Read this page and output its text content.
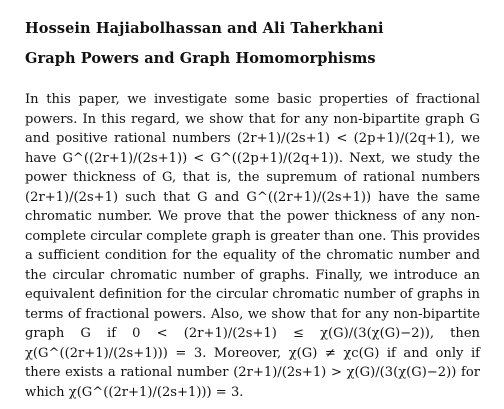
Hossein Hajiabolhassan and Ali Taherkhani
Graph Powers and Graph Homomorphisms
In this paper, we investigate some basic properties of fractional powers. In this regard, we show that for any non-bipartite graph G and positive rational numbers (2r+1)/(2s+1) < (2p+1)/(2q+1), we have G^((2r+1)/(2s+1)) < G^((2p+1)/(2q+1)). Next, we study the power thickness of G, that is, the supremum of rational numbers (2r+1)/(2s+1) such that G and G^((2r+1)/(2s+1)) have the same chromatic number. We prove that the power thickness of any non-complete circular complete graph is greater than one. This provides a sufficient condition for the equality of the chromatic number and the circular chromatic number of graphs. Finally, we introduce an equivalent definition for the circular chromatic number of graphs in terms of fractional powers. Also, we show that for any non-bipartite graph G if 0 < (2r+1)/(2s+1) ≤ χ(G)/(3(χ(G)−2)), then χ(G^((2r+1)/(2s+1))) = 3. Moreover, χ(G) ≠ χc(G) if and only if there exists a rational number (2r+1)/(2s+1) > χ(G)/(3(χ(G)−2)) for which χ(G^((2r+1)/(2s+1))) = 3.
